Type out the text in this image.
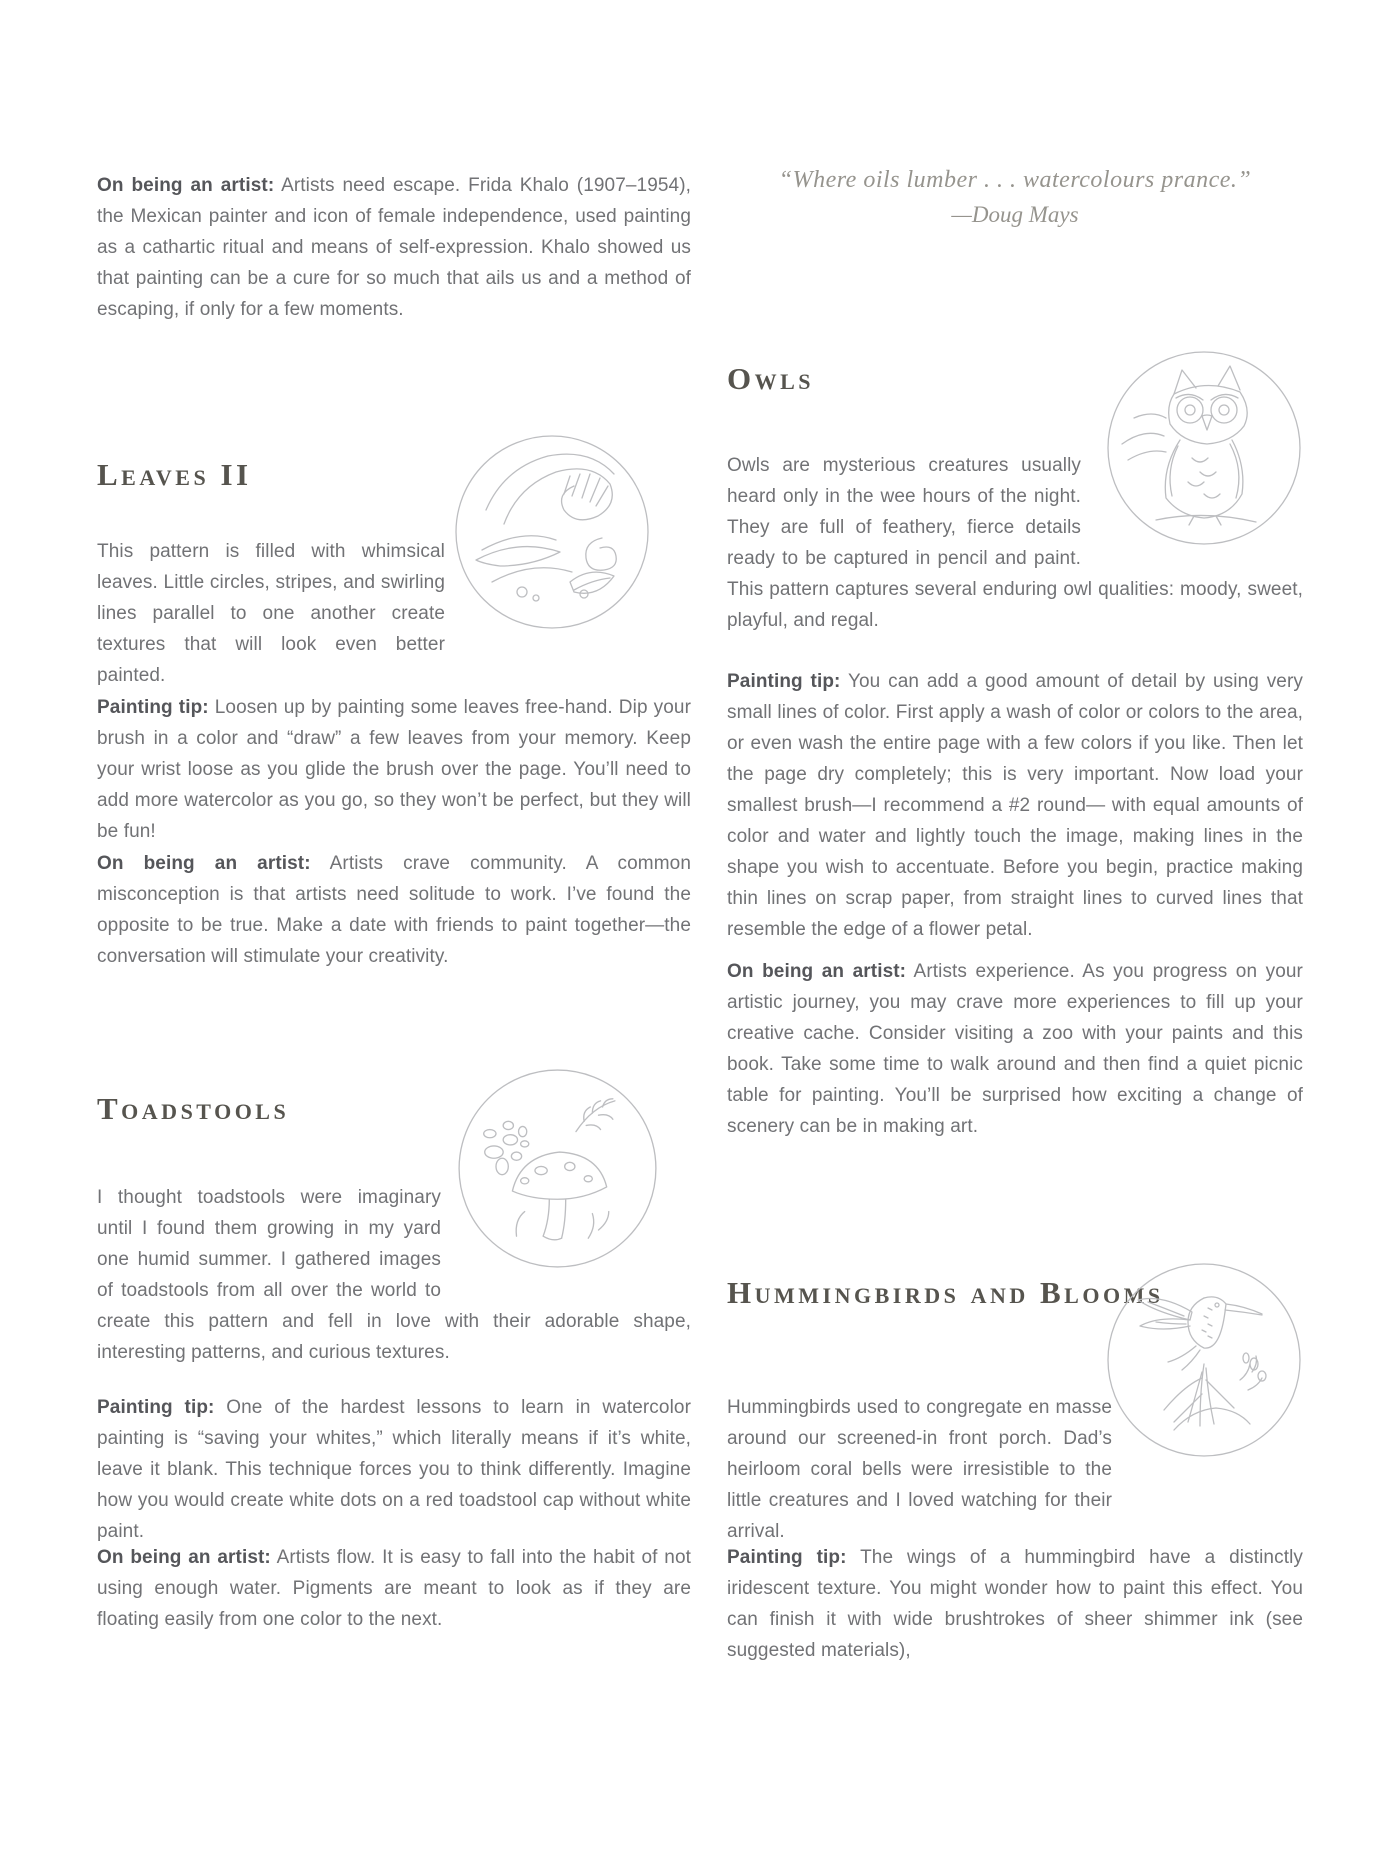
On being an artist: Artists need escape. Frida Khalo (1907–1954), the Mexican painter and icon of female independence, used painting as a cathartic ritual and means of self-expression. Khalo showed us that painting can be a cure for so much that ails us and a method of escaping, if only for a few moments.

“Where oils lumber . . . watercolours prance.”
—Doug Mays
Leaves II

This pattern is filled with whimsical leaves. Little circles, stripes, and swirling lines parallel to one another create textures that will look even better painted.

Painting tip: Loosen up by painting some leaves free-hand. Dip your brush in a color and “draw” a few leaves from your memory. Keep your wrist loose as you glide the brush over the page. You’ll need to add more watercolor as you go, so they won’t be perfect, but they will be fun!

On being an artist: Artists crave community. A common misconception is that artists need solitude to work. I’ve found the opposite to be true. Make a date with friends to paint together—the conversation will stimulate your creativity.

Toadstools

I thought toadstools were imaginary until I found them growing in my yard one humid summer. I gathered images of toadstools from all over the world to create this pattern and fell in love with their adorable shape, interesting patterns, and curious textures.

Painting tip: One of the hardest lessons to learn in watercolor painting is “saving your whites,” which literally means if it’s white, leave it blank. This technique forces you to think differently. Imagine how you would create white dots on a red toadstool cap without white paint.

On being an artist: Artists flow. It is easy to fall into the habit of not using enough water. Pigments are meant to look as if they are floating easily from one color to the next.

Owls

Owls are mysterious creatures usually heard only in the wee hours of the night. They are full of feathery, fierce details ready to be captured in pencil and paint. This pattern captures several enduring owl qualities: moody, sweet, playful, and regal.

Painting tip: You can add a good amount of detail by using very small lines of color. First apply a wash of color or colors to the area, or even wash the entire page with a few colors if you like. Then let the page dry completely; this is very important. Now load your smallest brush—I recommend a #2 round— with equal amounts of color and water and lightly touch the image, making lines in the shape you wish to accentuate. Before you begin, practice making thin lines on scrap paper, from straight lines to curved lines that resemble the edge of a flower petal.

On being an artist: Artists experience. As you progress on your artistic journey, you may crave more experiences to fill up your creative cache. Consider visiting a zoo with your paints and this book. Take some time to walk around and then find a quiet picnic table for painting. You’ll be surprised how exciting a change of scenery can be in making art.

Hummingbirds and Blooms

Hummingbirds used to congregate en masse around our screened-in front porch. Dad’s heirloom coral bells were irresistible to the little creatures and I loved watching for their arrival.

Painting tip: The wings of a hummingbird have a distinctly iridescent texture. You might wonder how to paint this effect. You can finish it with wide brushtrokes of sheer shimmer ink (see suggested materials),
